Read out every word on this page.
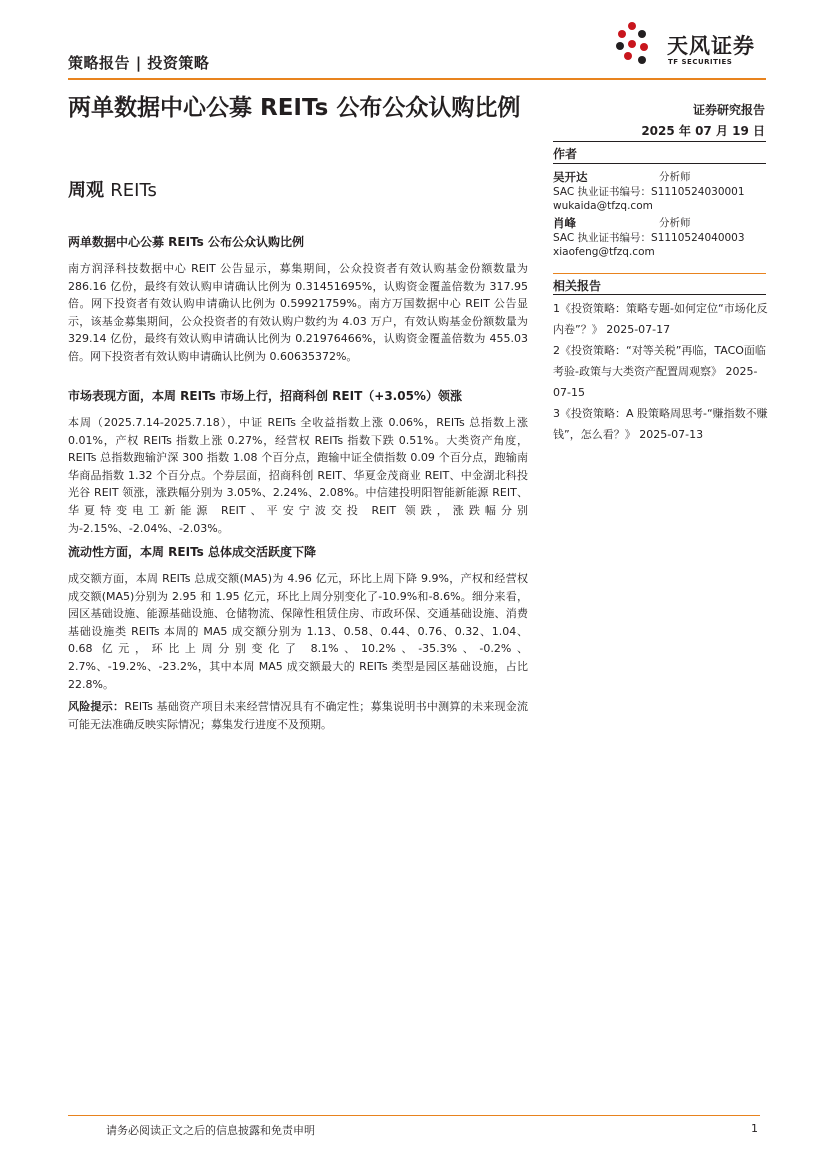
策略报告 | 投资策略
天风证券
TF SECURITIES
两单数据中心公募 REITs 公布公众认购比例
周观 REITs
证券研究报告
2025 年 07 月 19 日
作者
吴开达	分析师
SAC 执业证书编号：S1110524030001
wukaida@tfzq.com
肖峰	分析师
SAC 执业证书编号：S1110524040003
xiaofeng@tfzq.com
相关报告
1《投资策略：策略专题-如何定位“市场化反内卷”？》 2025-07-17
2《投资策略：“对等关税”再临，TACO面临考验-政策与大类资产配置周观察》 2025-07-15
3《投资策略：A 股策略周思考-“赚指数不赚钱”，怎么看？》 2025-07-13

两单数据中心公募 REITs 公布公众认购比例

南方润泽科技数据中心 REIT 公告显示，募集期间，公众投资者有效认购基金份额数量为 286.16 亿份，最终有效认购申请确认比例为 0.31451695%，认购资金覆盖倍数为 317.95 倍。网下投资者有效认购申请确认比例为 0.59921759%。南方万国数据中心 REIT 公告显示，该基金募集期间，公众投资者的有效认购户数约为 4.03 万户，有效认购基金份额数量为 329.14 亿份，最终有效认购申请确认比例为 0.21976466%，认购资金覆盖倍数为 455.03 倍。网下投资者有效认购申请确认比例为 0.60635372%。

市场表现方面，本周 REITs 市场上行，招商科创 REIT（+3.05%）领涨

本周（2025.7.14-2025.7.18），中证 REITs 全收益指数上涨 0.06%，REITs 总指数上涨 0.01%，产权 REITs 指数上涨 0.27%，经营权 REITs 指数下跌 0.51%。大类资产角度，REITs 总指数跑输沪深 300 指数 1.08 个百分点，跑输中证全债指数 0.09 个百分点，跑输南华商品指数 1.32 个百分点。个券层面，招商科创 REIT、华夏金茂商业 REIT、中金湖北科投光谷 REIT 领涨，涨跌幅分别为 3.05%、2.24%、2.08%。中信建投明阳智能新能源 REIT、华夏特变电工新能源 REIT、平安宁波交投 REIT 领跌，涨跌幅分别为-2.15%、-2.04%、-2.03%。

流动性方面，本周 REITs 总体成交活跃度下降

成交额方面，本周 REITs 总成交额(MA5)为 4.96 亿元，环比上周下降 9.9%，产权和经营权成交额(MA5)分别为 2.95 和 1.95 亿元，环比上周分别变化了-10.9%和-8.6%。细分来看，园区基础设施、能源基础设施、仓储物流、保障性租赁住房、市政环保、交通基础设施、消费基础设施类 REITs 本周的 MA5 成交额分别为 1.13、0.58、0.44、0.76、0.32、1.04、0.68 亿元，环比上周分别变化了 8.1%、10.2%、-35.3%、-0.2%、2.7%、-19.2%、-23.2%，其中本周 MA5 成交额最大的 REITs 类型是园区基础设施，占比 22.8%。

风险提示：REITs 基础资产项目未来经营情况具有不确定性；募集说明书中测算的未来现金流可能无法准确反映实际情况；募集发行进度不及预期。

请务必阅读正文之后的信息披露和免责申明	1
